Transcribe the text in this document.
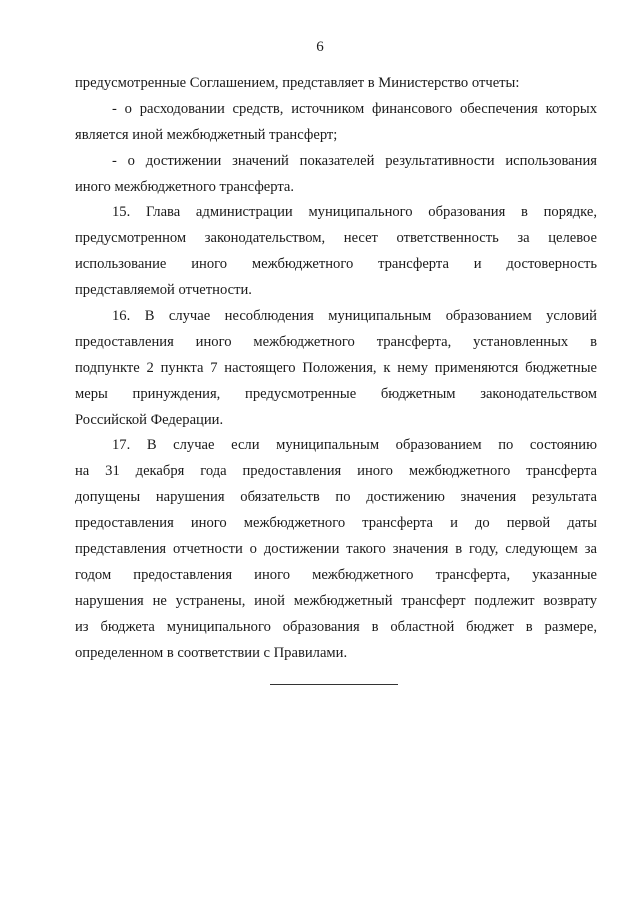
6
предусмотренные Соглашением, представляет в Министерство отчеты:
- о расходовании средств, источником финансового обеспечения которых
является иной межбюджетный трансферт;
- о достижении значений показателей результативности использования
иного межбюджетного трансферта.
15. Глава администрации муниципального образования в порядке,
предусмотренном законодательством, несет ответственность за целевое
использование иного межбюджетного трансферта и достоверность
представляемой отчетности.
16. В случае несоблюдения муниципальным образованием условий
предоставления иного межбюджетного трансферта, установленных в
подпункте 2 пункта 7 настоящего Положения, к нему применяются бюджетные
меры принуждения, предусмотренные бюджетным законодательством
Российской Федерации.
17. В случае если муниципальным образованием по состоянию
на 31 декабря года предоставления иного межбюджетного трансферта
допущены нарушения обязательств по достижению значения результата
предоставления иного межбюджетного трансферта и до первой даты
представления отчетности о достижении такого значения в году, следующем за
годом предоставления иного межбюджетного трансферта, указанные
нарушения не устранены, иной межбюджетный трансферт подлежит возврату
из бюджета муниципального образования в областной бюджет в размере,
определенном в соответствии с Правилами.
